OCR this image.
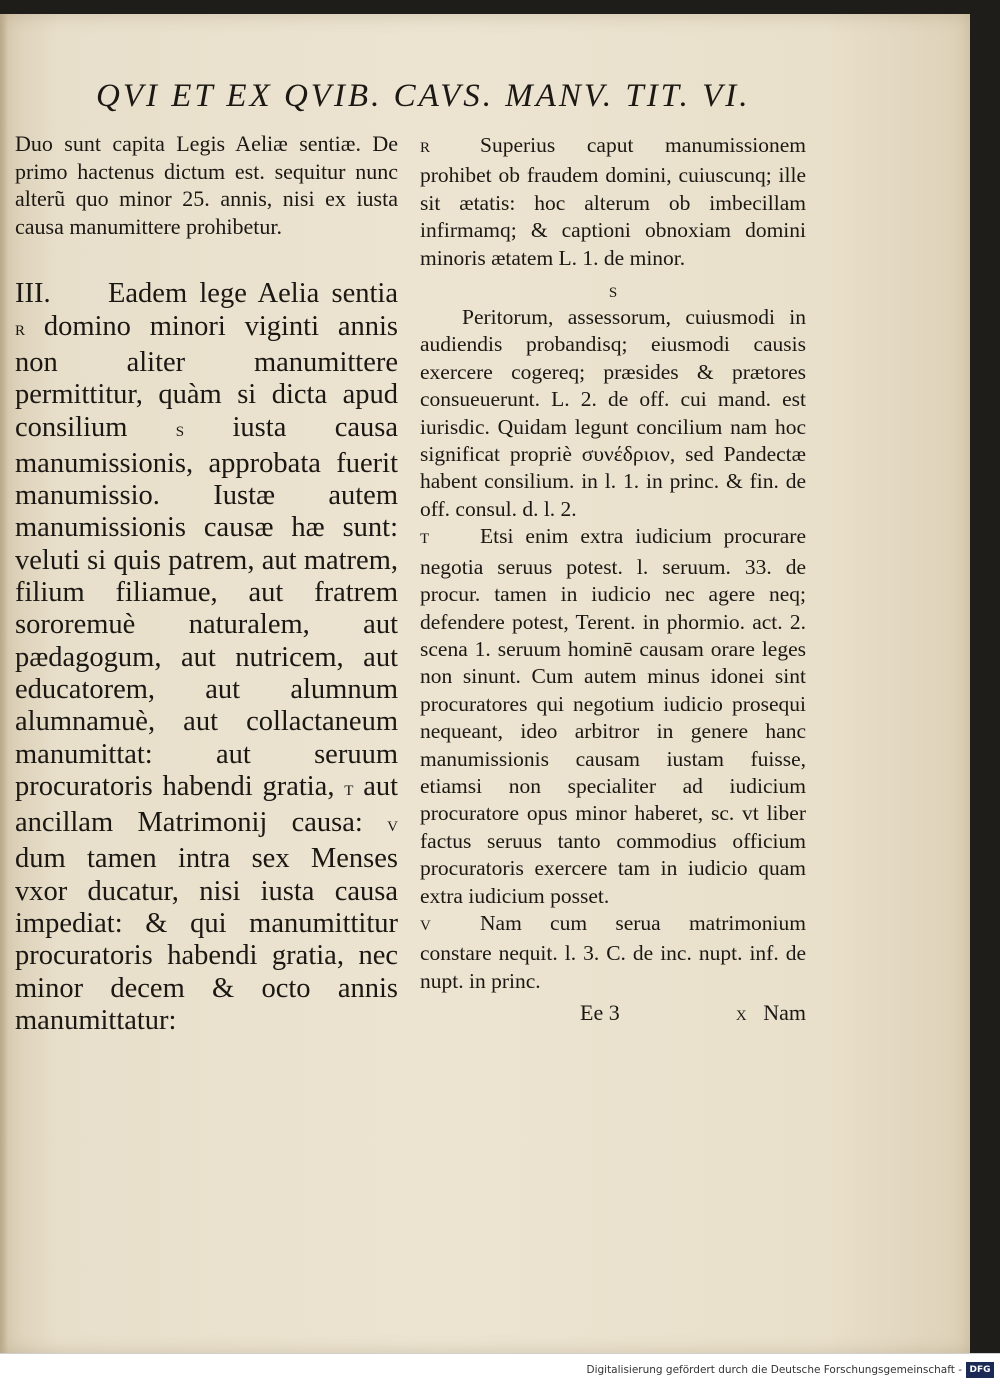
QVI ET EX QVIB. CAVS. MANV. TIT. VI.
Duo sunt capita Legis Aeliæ sentiæ. De primo hactenus dictum est. sequitur nunc alterũ quo minor 25. annis, nisi ex iusta causa manumittere prohibetur.
III. Eadem lege Aelia sentia R domino minori viginti annis non aliter manumittere permittitur, quàm si dicta apud consilium	S iusta causa manumissionis, approbata fuerit manumissio. Iustæ autem manumissionis causæ hæ sunt: veluti si quis patrem, aut matrem, filium filiamue, aut fratrem sororemuè naturalem, aut pædagogum, aut nutricem, aut educatorem, aut alumnum alumnamuè, aut collactaneum manumittat: aut seruum procuratoris habendi gratia, T aut ancillam Matrimonij causa: V dum tamen intra sex Menses vxor ducatur, nisi iusta causa impediat: & qui manumittitur procuratoris habendi gratia, nec minor decem & octo annis manumittatur:
R Superius caput manumissionem prohibet ob fraudem domini, cuiuscunq; ille sit ætatis: hoc alterum ob imbecillam infirmamq; & captioni obnoxiam domini minoris ætatem L. 1. de minor.
S
Peritorum, assessorum, cuiusmodi in audiendis probandisq; eiusmodi causis exercere cogereq; præsides & prætores consueuerunt. L. 2. de off. cui mand. est iurisdic. Quidam legunt concilium nam hoc significat propriè συνέδριον, sed Pandectæ habent consilium. in l. 1. in princ. & fin. de off. consul. d. l. 2.
T Etsi enim extra iudicium procurare negotia seruus potest. l. seruum. 33. de procur. tamen in iudicio nec agere neq; defendere potest, Terent. in phormio. act. 2. scena 1. seruum hominē causam orare leges non sinunt. Cum autem minus idonei sint procuratores qui negotium iudicio prosequi nequeant, ideo arbitror in genere hanc manumissionis causam iustam fuisse, etiamsi non specialiter ad iudicium procuratore opus minor haberet, sc. vt liber factus seruus tanto commodius officium procuratoris exercere tam in iudicio quam extra iudicium posset.
V Nam cum serua matrimonium constare nequit. l. 3. C. de inc. nupt. inf. de nupt. in princ.
Ee 3	X Nam
Digitalisierung gefördert durch die Deutsche Forschungsgemeinschaft - DFG
